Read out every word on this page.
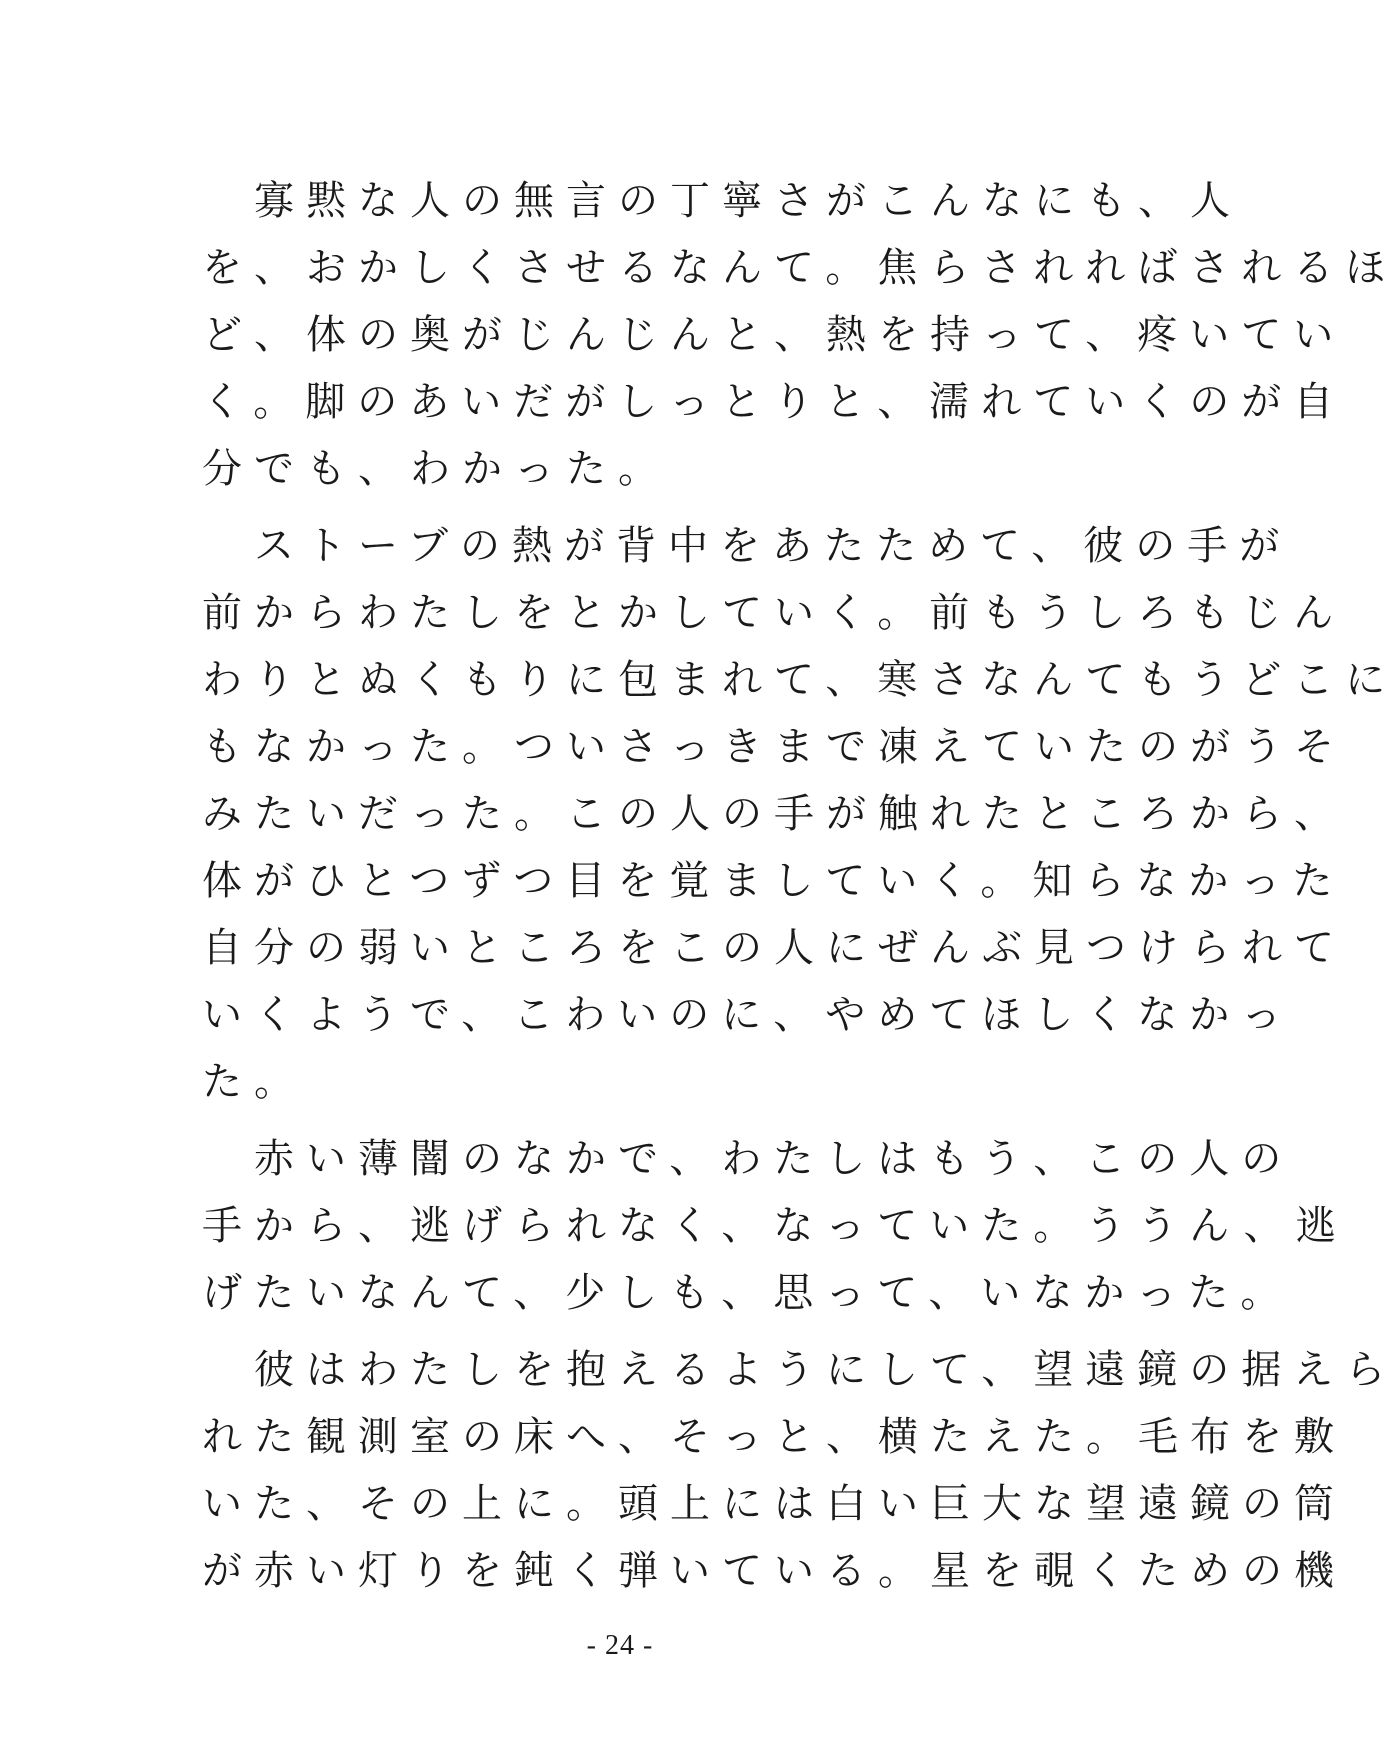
　寡黙な人の無言の丁寧さがこんなにも、人
を、おかしくさせるなんて。焦らされればされるほ
ど、体の奥がじんじんと、熱を持って、疼いてい
く。脚のあいだがしっとりと、濡れていくのが自
分でも、わかった。

　ストーブの熱が背中をあたためて、彼の手が
前からわたしをとかしていく。前もうしろもじん
わりとぬくもりに包まれて、寒さなんてもうどこに
もなかった。ついさっきまで凍えていたのがうそ
みたいだった。この人の手が触れたところから、
体がひとつずつ目を覚ましていく。知らなかった
自分の弱いところをこの人にぜんぶ見つけられて
いくようで、こわいのに、やめてほしくなかっ
た。

　赤い薄闇のなかで、わたしはもう、この人の
手から、逃げられなく、なっていた。ううん、逃
げたいなんて、少しも、思って、いなかった。

　彼はわたしを抱えるようにして、望遠鏡の据えら
れた観測室の床へ、そっと、横たえた。毛布を敷
いた、その上に。頭上には白い巨大な望遠鏡の筒
が赤い灯りを鈍く弾いている。星を覗くための機

- 24 -
